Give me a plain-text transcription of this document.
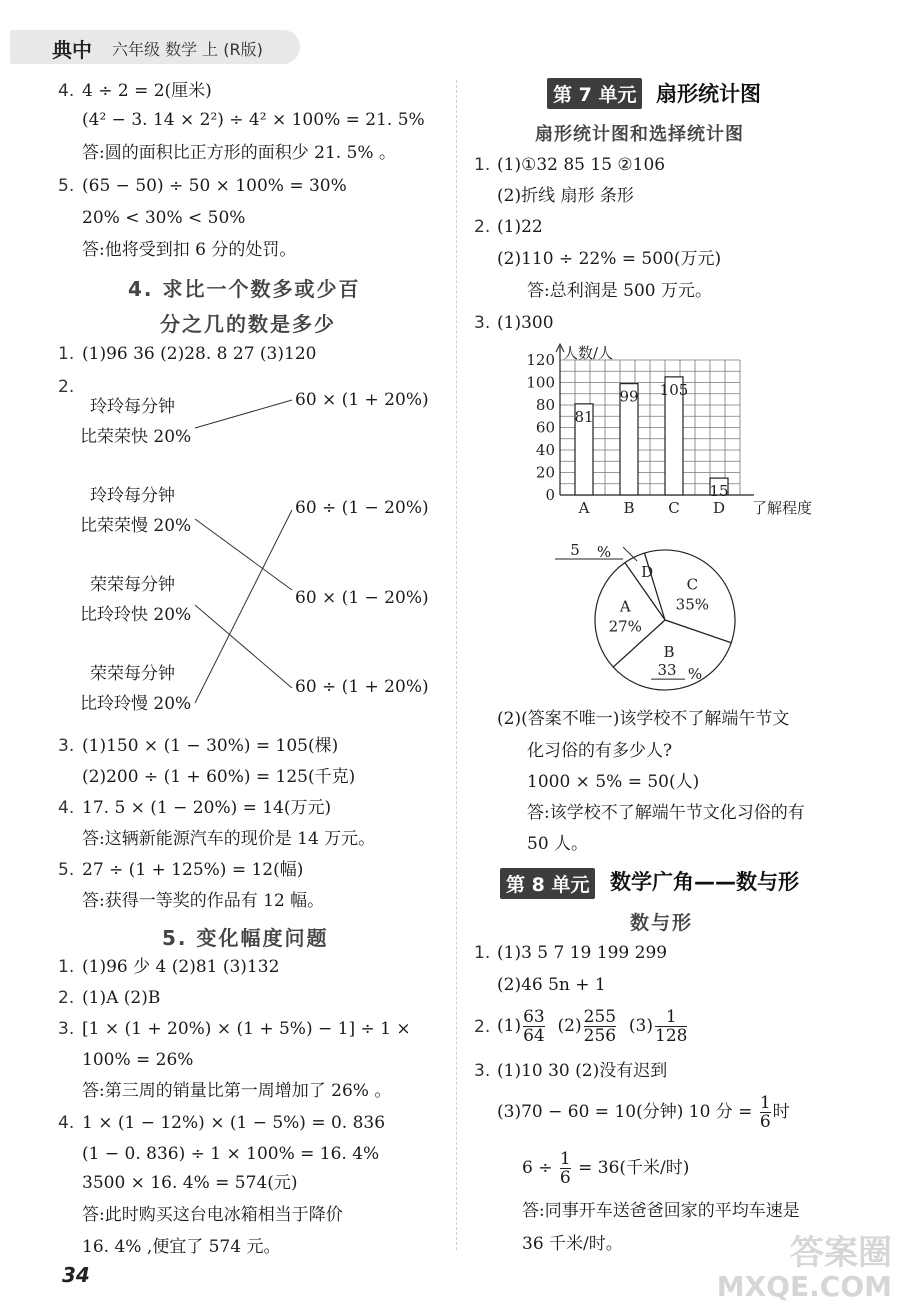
典中 六年级 数学 上 (R版)
4. 4 ÷ 2 = 2(厘米)
(4² − 3. 14 × 2²) ÷ 4² × 100% = 21. 5%
答:圆的面积比正方形的面积少 21. 5% 。
5. (65 − 50) ÷ 50 × 100% = 30%
20% < 30% < 50%
答:他将受到扣 6 分的处罚。
4. 求比一个数多或少百
分之几的数是多少
1. (1)96 36 (2)28. 8 27 (3)120
2.
玲玲每分钟
比荣荣快 20%
玲玲每分钟
比荣荣慢 20%
荣荣每分钟
比玲玲快 20%
荣荣每分钟
比玲玲慢 20%
60 × (1 + 20%)
60 ÷ (1 − 20%)
60 × (1 − 20%)
60 ÷ (1 + 20%)
3. (1)150 × (1 − 30%) = 105(棵)
(2)200 ÷ (1 + 60%) = 125(千克)
4. 17. 5 × (1 − 20%) = 14(万元)
答:这辆新能源汽车的现价是 14 万元。
5. 27 ÷ (1 + 125%) = 12(幅)
答:获得一等奖的作品有 12 幅。
5. 变化幅度问题
1. (1)96 少 4 (2)81 (3)132
2. (1)A (2)B
3. [1 × (1 + 20%) × (1 + 5%) − 1] ÷ 1 ×
100% = 26%
答:第三周的销量比第一周增加了 26% 。
4. 1 × (1 − 12%) × (1 − 5%) = 0. 836
(1 − 0. 836) ÷ 1 × 100% = 16. 4%
3500 × 16. 4% = 574(元)
答:此时购买这台电冰箱相当于降价
16. 4% ,便宜了 574 元。
34
第 7 单元 扇形统计图
扇形统计图和选择统计图
1. (1)①32 85 15 ②106
(2)折线 扇形 条形
2. (1)22
(2)110 ÷ 22% = 500(万元)
答:总利润是 500 万元。
3. (1)300
0
20
40
60
80
100
120 人数/人
81
A
99
B
105
C
15
D 了解程度
A
27%
C
35%
B
33 %
D
5 %
(2)(答案不唯一)该学校不了解端午节文
化习俗的有多少人?
1000 × 5% = 50(人)
答:该学校不了解端午节文化习俗的有
50 人。
第 8 单元 数学广角——数与形
数与形
1. (1)3 5 7 19 199 299
(2)46 5n + 1
2. $(1) \frac{63}{64} (2) \frac{255}{256} (3) \frac{1}{128}$
3. (1)10 30 (2)没有迟到
(3)70 − 60 = 10(分钟) 10 分 = $\frac{1}{6}$ 时
$6 \div \frac{1}{6} = 36$(千米/时)
答:同事开车送爸爸回家的平均车速是
36 千米/时。	答案圈
MXQE.COM
